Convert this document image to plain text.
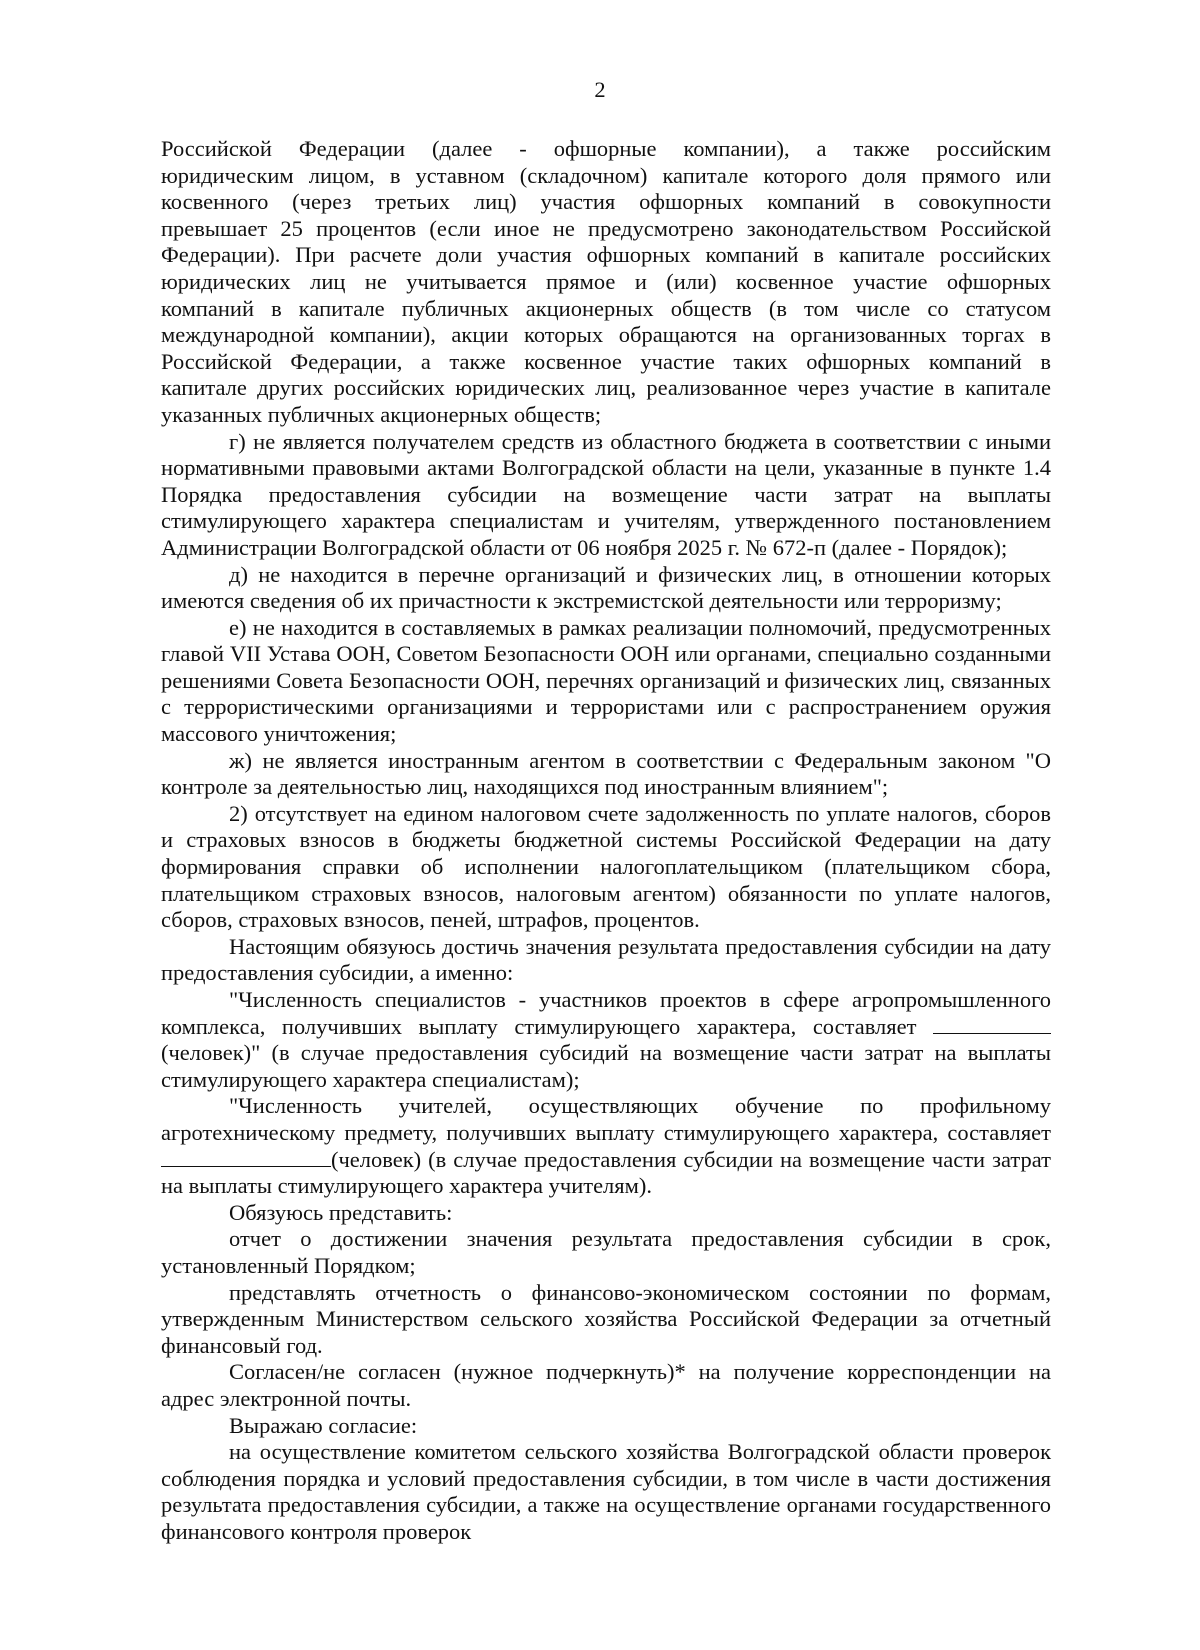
2

Российской Федерации (далее - офшорные компании), а также российским
юридическим лицом, в уставном (складочном) капитале которого доля прямого или
косвенного (через третьих лиц) участия офшорных компаний в совокупности
превышает 25 процентов (если иное не предусмотрено законодательством Российской
Федерации). При расчете доли участия офшорных компаний в капитале российских
юридических лиц не учитывается прямое и (или) косвенное участие офшорных
компаний в капитале публичных акционерных обществ (в том числе со статусом
международной компании), акции которых обращаются на организованных торгах в
Российской Федерации, а также косвенное участие таких офшорных компаний в
капитале других российских юридических лиц, реализованное через участие в капитале
указанных публичных акционерных обществ;

г) не является получателем средств из областного бюджета в соответствии с иными нормативными правовыми актами Волгоградской области на цели, указанные в пункте 1.4 Порядка предоставления субсидии на возмещение части затрат на выплаты стимулирующего характера специалистам и учителям, утвержденного постановлением Администрации Волгоградской области от 06 ноября 2025 г. № 672-п (далее - Порядок);

д) не находится в перечне организаций и физических лиц, в отношении которых имеются сведения об их причастности к экстремистской деятельности или терроризму;

е) не находится в составляемых в рамках реализации полномочий, предусмотренных главой VII Устава ООН, Советом Безопасности ООН или органами, специально созданными решениями Совета Безопасности ООН, перечнях организаций и физических лиц, связанных с террористическими организациями и террористами или с распространением оружия массового уничтожения;

ж) не является иностранным агентом в соответствии с Федеральным законом "О контроле за деятельностью лиц, находящихся под иностранным влиянием";

2) отсутствует на едином налоговом счете задолженность по уплате налогов, сборов и страховых взносов в бюджеты бюджетной системы Российской Федерации на дату формирования справки об исполнении налогоплательщиком (плательщиком сбора, плательщиком страховых взносов, налоговым агентом) обязанности по уплате налогов, сборов, страховых взносов, пеней, штрафов, процентов.

Настоящим обязуюсь достичь значения результата предоставления субсидии на дату предоставления субсидии, а именно:

"Численность специалистов - участников проектов в сфере агропромышленного комплекса, получивших выплату стимулирующего характера, составляет  (человек)" (в случае предоставления субсидий на возмещение части затрат на выплаты стимулирующего характера специалистам);

"Численность учителей, осуществляющих обучение по профильному агротехническому предмету, получивших выплату стимулирующего характера, составляет (человек) (в случае предоставления субсидии на возмещение части затрат на выплаты стимулирующего характера учителям).

Обязуюсь представить:

отчет о достижении значения результата предоставления субсидии в срок, установленный Порядком;

представлять отчетность о финансово-экономическом состоянии по формам, утвержденным Министерством сельского хозяйства Российской Федерации за отчетный финансовый год.

Согласен/не согласен (нужное подчеркнуть)* на получение корреспонденции на адрес электронной почты.

Выражаю согласие:

на осуществление комитетом сельского хозяйства Волгоградской области проверок соблюдения порядка и условий предоставления субсидии, в том числе в части достижения результата предоставления субсидии, а также на осуществление органами государственного финансового контроля проверок
